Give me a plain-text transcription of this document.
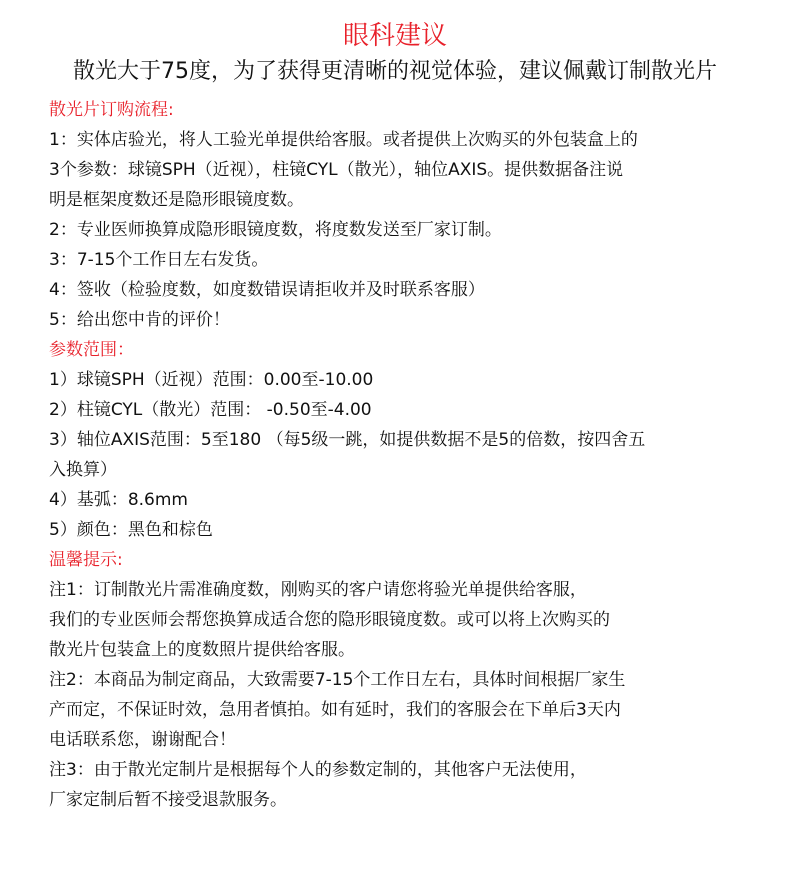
眼科建议
散光大于75度，为了获得更清晰的视觉体验，建议佩戴订制散光片
散光片订购流程:
1：实体店验光，将人工验光单提供给客服。或者提供上次购买的外包装盒上的
3个参数：球镜SPH（近视），柱镜CYL（散光），轴位AXIS。提供数据备注说
明是框架度数还是隐形眼镜度数。
2：专业医师换算成隐形眼镜度数，将度数发送至厂家订制。
3：7-15个工作日左右发货。
4：签收（检验度数，如度数错误请拒收并及时联系客服）
5：给出您中肯的评价！
参数范围：
1）球镜SPH（近视）范围：0.00至-10.00
2）柱镜CYL（散光）范围： -0.50至-4.00
3）轴位AXIS范围：5至180 （每5级一跳，如提供数据不是5的倍数，按四舍五
入换算）
4）基弧：8.6mm
5）颜色：黑色和棕色
温馨提示:
注1：订制散光片需准确度数，刚购买的客户请您将验光单提供给客服，
我们的专业医师会帮您换算成适合您的隐形眼镜度数。或可以将上次购买的
散光片包装盒上的度数照片提供给客服。
注2：本商品为制定商品，大致需要7-15个工作日左右，具体时间根据厂家生
产而定，不保证时效，急用者慎拍。如有延时，我们的客服会在下单后3天内
电话联系您，谢谢配合！
注3：由于散光定制片是根据每个人的参数定制的，其他客户无法使用，
厂家定制后暂不接受退款服务。
